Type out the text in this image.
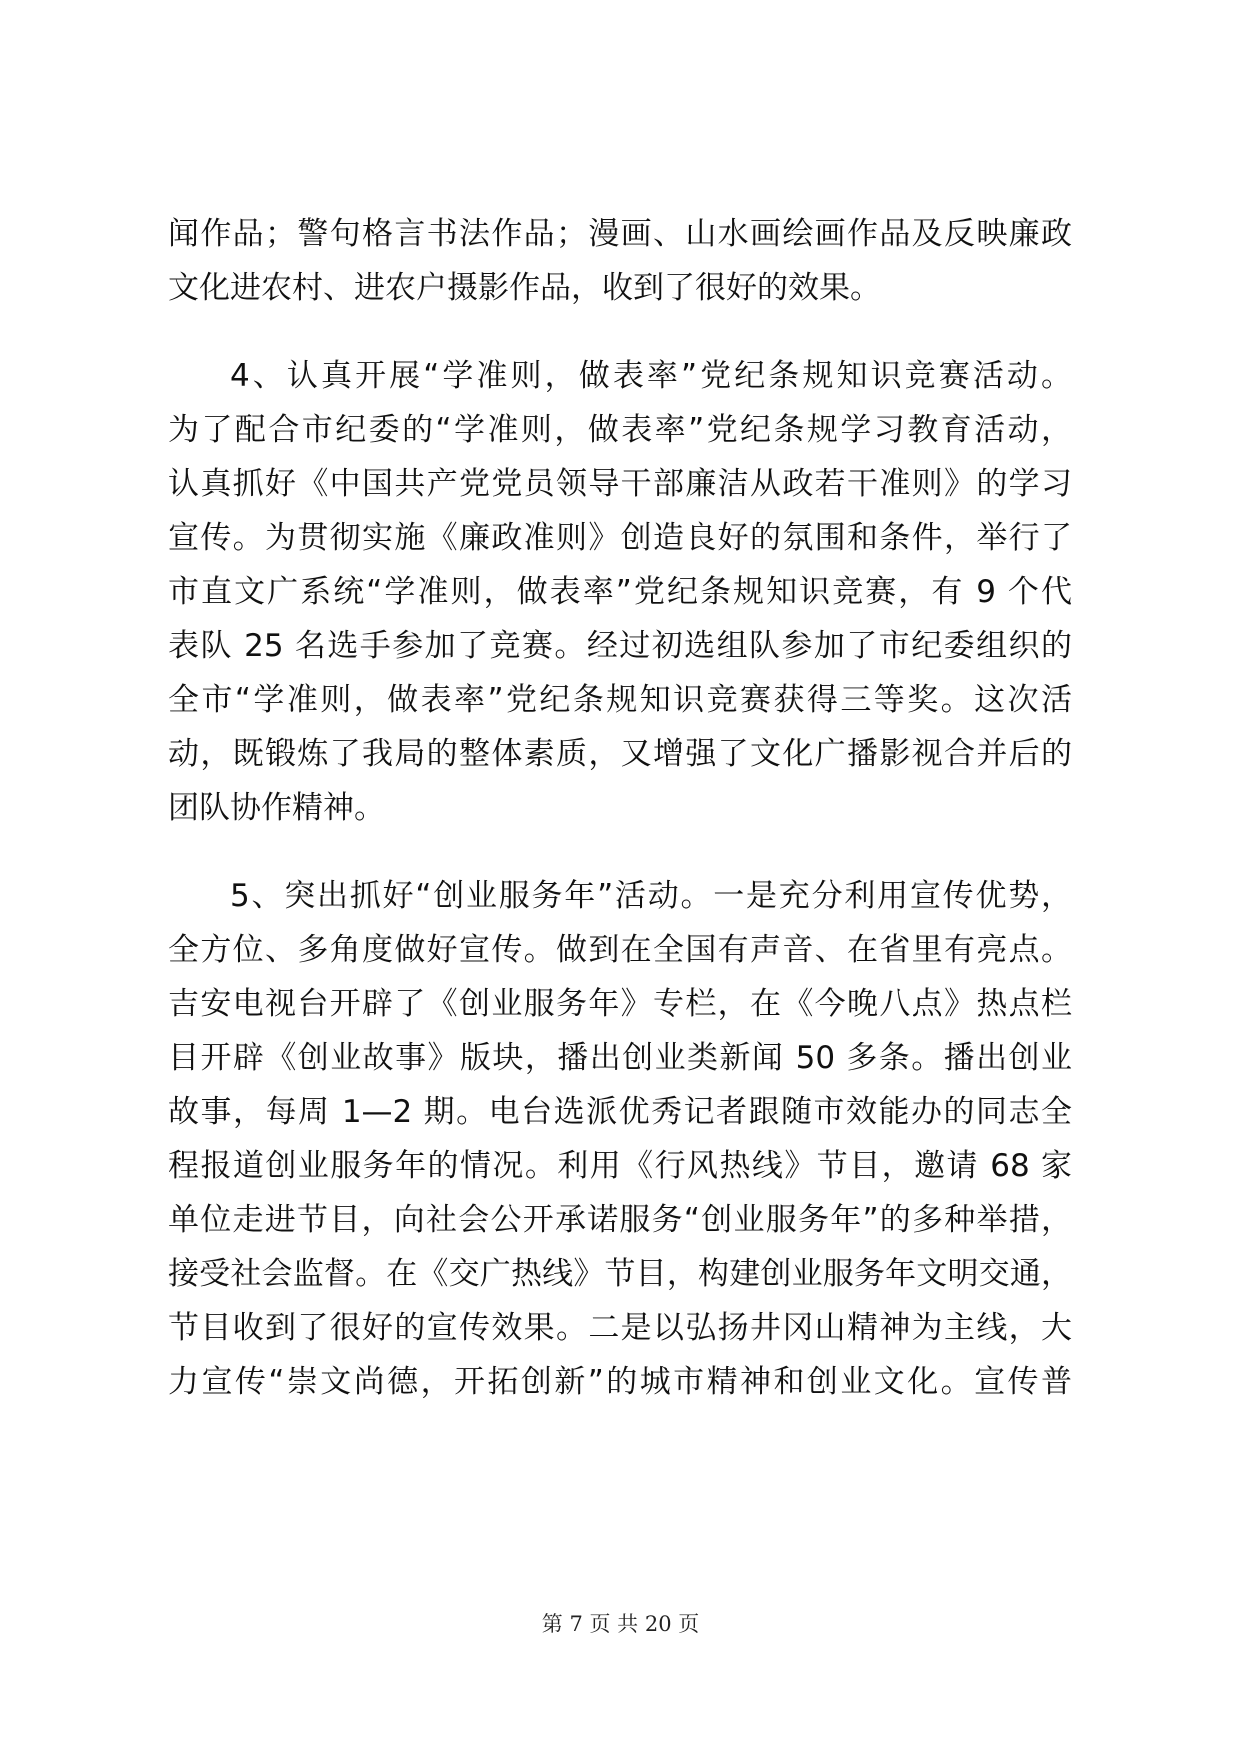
闻作品；警句格言书法作品；漫画、山水画绘画作品及反映廉政
文化进农村、进农户摄影作品，收到了很好的效果。
4、认真开展“学准则，做表率”党纪条规知识竞赛活动。
为了配合市纪委的“学准则，做表率”党纪条规学习教育活动，
认真抓好《中国共产党党员领导干部廉洁从政若干准则》的学习
宣传。为贯彻实施《廉政准则》创造良好的氛围和条件，举行了
市直文广系统“学准则，做表率”党纪条规知识竞赛，有 9 个代
表队 25 名选手参加了竞赛。经过初选组队参加了市纪委组织的
全市“学准则，做表率”党纪条规知识竞赛获得三等奖。这次活
动，既锻炼了我局的整体素质，又增强了文化广播影视合并后的
团队协作精神。
5、突出抓好“创业服务年”活动。一是充分利用宣传优势，
全方位、多角度做好宣传。做到在全国有声音、在省里有亮点。
吉安电视台开辟了《创业服务年》专栏，在《今晚八点》热点栏
目开辟《创业故事》版块，播出创业类新闻 50 多条。播出创业
故事，每周 1—2 期。电台选派优秀记者跟随市效能办的同志全
程报道创业服务年的情况。利用《行风热线》节目，邀请 68 家
单位走进节目，向社会公开承诺服务“创业服务年”的多种举措，
接受社会监督。在《交广热线》节目，构建创业服务年文明交通，
节目收到了很好的宣传效果。二是以弘扬井冈山精神为主线，大
力宣传“崇文尚德，开拓创新”的城市精神和创业文化。宣传普
第 7 页 共 20 页
